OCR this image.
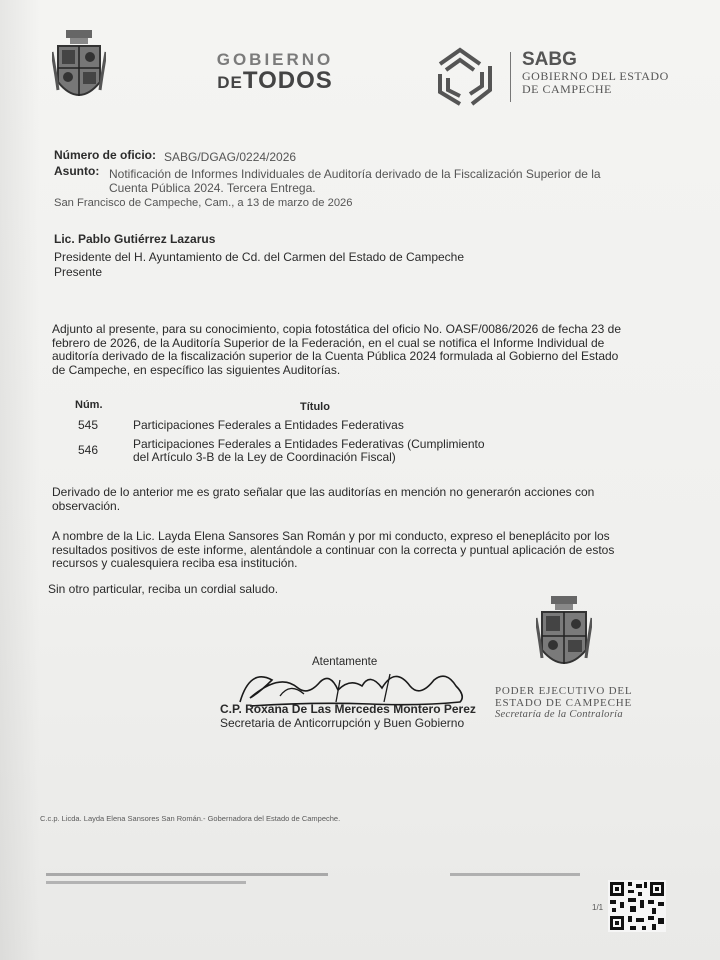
GOBIERNO
DETODOS
SABG
GOBIERNO DEL ESTADO
DE CAMPECHE
Número de oficio: SABG/DGAG/0224/2026
Asunto: Notificación de Informes Individuales de Auditoría derivado de la Fiscalización Superior de la
Cuenta Pública 2024. Tercera Entrega.
San Francisco de Campeche, Cam., a 13 de marzo de 2026
Lic. Pablo Gutiérrez Lazarus
Presidente del H. Ayuntamiento de Cd. del Carmen del Estado de Campeche
Presente
Adjunto al presente, para su conocimiento, copia fotostática del oficio No. OASF/0086/2026 de fecha 23 de
febrero de 2026, de la Auditoría Superior de la Federación, en el cual se notifica el Informe Individual de
auditoría derivado de la fiscalización superior de la Cuenta Pública 2024 formulada al Gobierno del Estado
de Campeche, en específico las siguientes Auditorías.
Núm.	Título
545	Participaciones Federales a Entidades Federativas
546	Participaciones Federales a Entidades Federativas (Cumplimiento
del Artículo 3-B de la Ley de Coordinación Fiscal)
Derivado de lo anterior me es grato señalar que las auditorías en mención no generarón acciones con
observación.
A nombre de la Lic. Layda Elena Sansores San Román y por mi conducto, expreso el beneplácito por los
resultados positivos de este informe, alentándole a continuar con la correcta y puntual aplicación de estos
recursos y cualesquiera reciba esa institución.
Sin otro particular, reciba un cordial saludo.
Atentamente
C.P. Roxana De Las Mercedes Montero Perez
Secretaria de Anticorrupción y Buen Gobierno
PODER EJECUTIVO DEL
ESTADO DE CAMPECHE
Secretaría de la Contraloría
C.c.p. Licda. Layda Elena Sansores San Román.- Gobernadora del Estado de Campeche.
1/1
